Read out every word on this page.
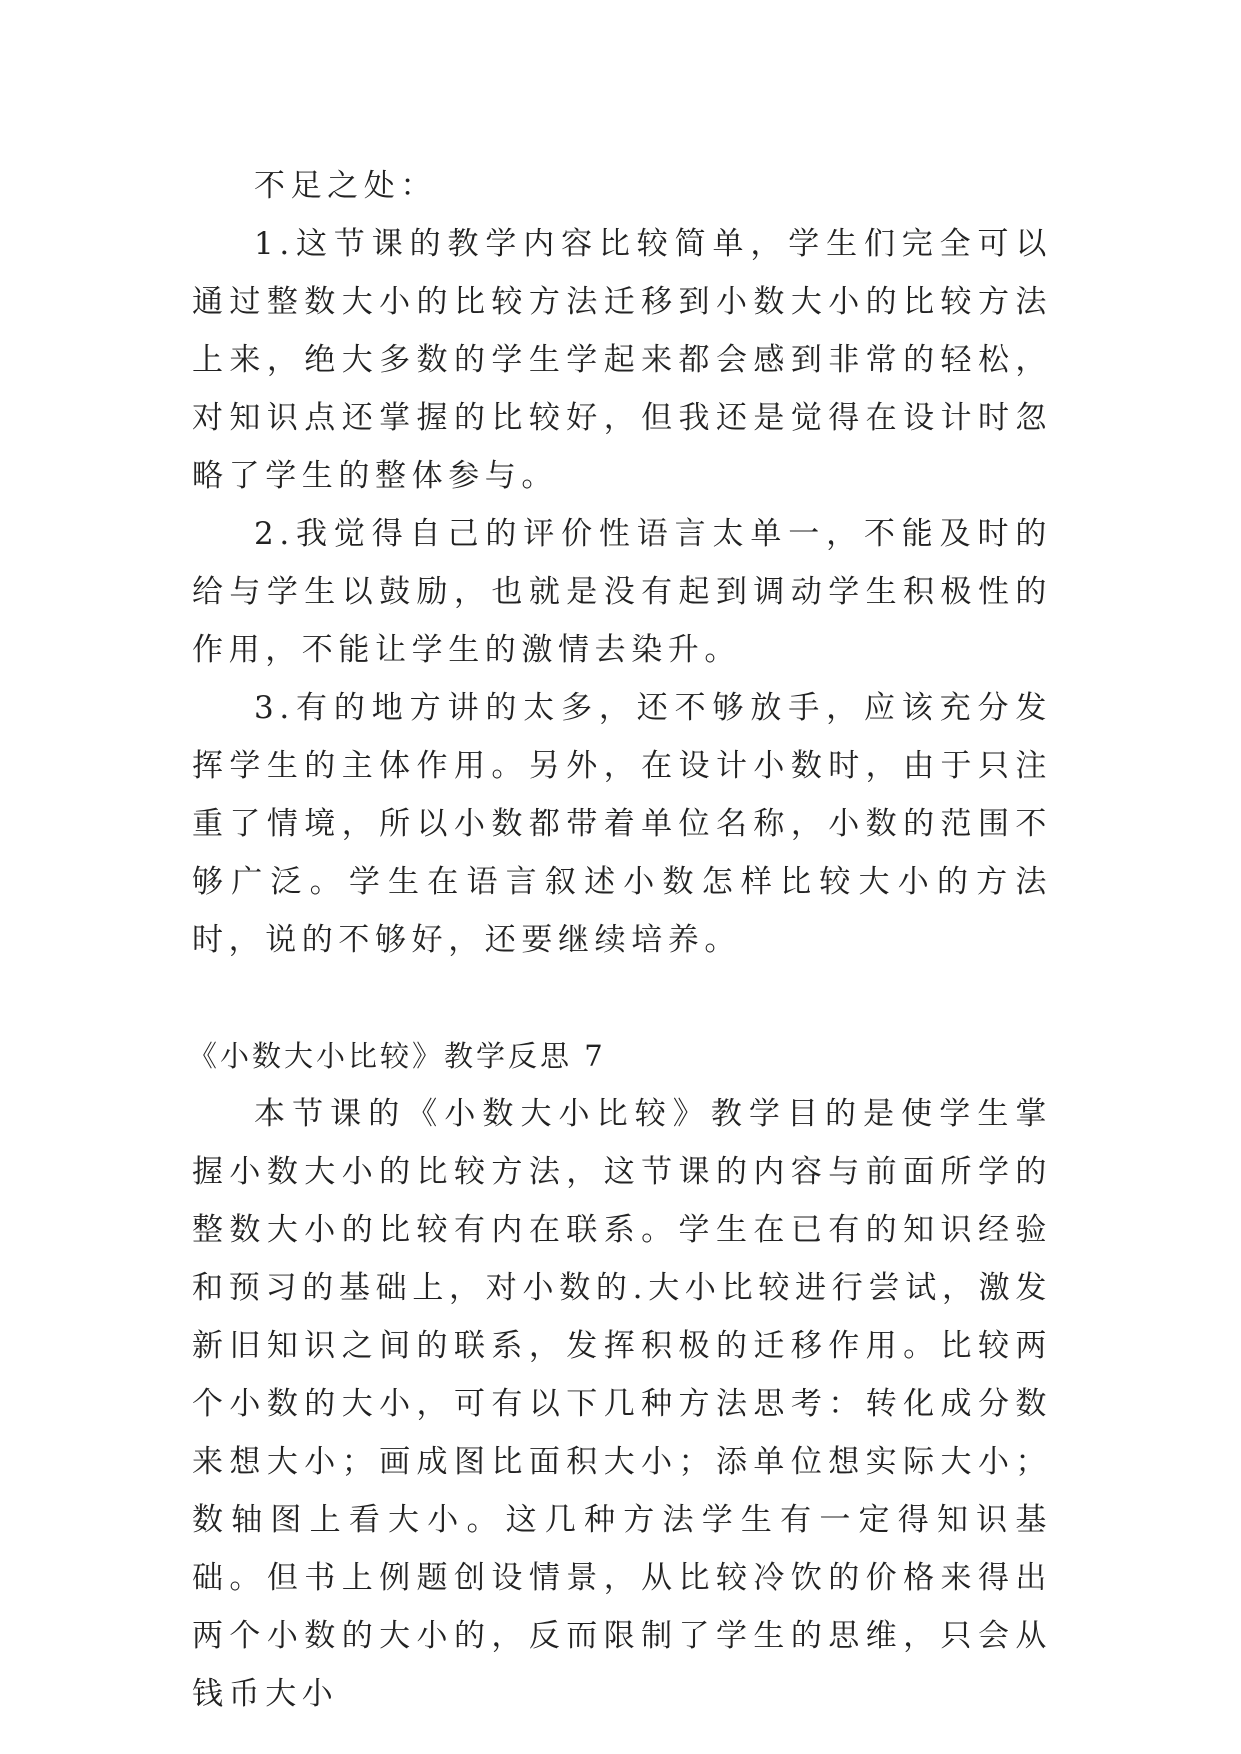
不足之处：

1.这节课的教学内容比较简单，学生们完全可以通过整数大小的比较方法迁移到小数大小的比较方法上来，绝大多数的学生学起来都会感到非常的轻松，对知识点还掌握的比较好，但我还是觉得在设计时忽略了学生的整体参与。

2.我觉得自己的评价性语言太单一，不能及时的给与学生以鼓励，也就是没有起到调动学生积极性的作用，不能让学生的激情去染升。

3.有的地方讲的太多，还不够放手，应该充分发挥学生的主体作用。另外，在设计小数时，由于只注重了情境，所以小数都带着单位名称，小数的范围不够广泛。学生在语言叙述小数怎样比较大小的方法时，说的不够好，还要继续培养。

《小数大小比较》教学反思 7

本节课的《小数大小比较》教学目的是使学生掌握小数大小的比较方法，这节课的内容与前面所学的整数大小的比较有内在联系。学生在已有的知识经验和预习的基础上，对小数的.大小比较进行尝试，激发新旧知识之间的联系，发挥积极的迁移作用。比较两个小数的大小，可有以下几种方法思考：转化成分数来想大小；画成图比面积大小；添单位想实际大小；数轴图上看大小。这几种方法学生有一定得知识基础。但书上例题创设情景，从比较冷饮的价格来得出两个小数的大小的，反而限制了学生的思维，只会从钱币大小
